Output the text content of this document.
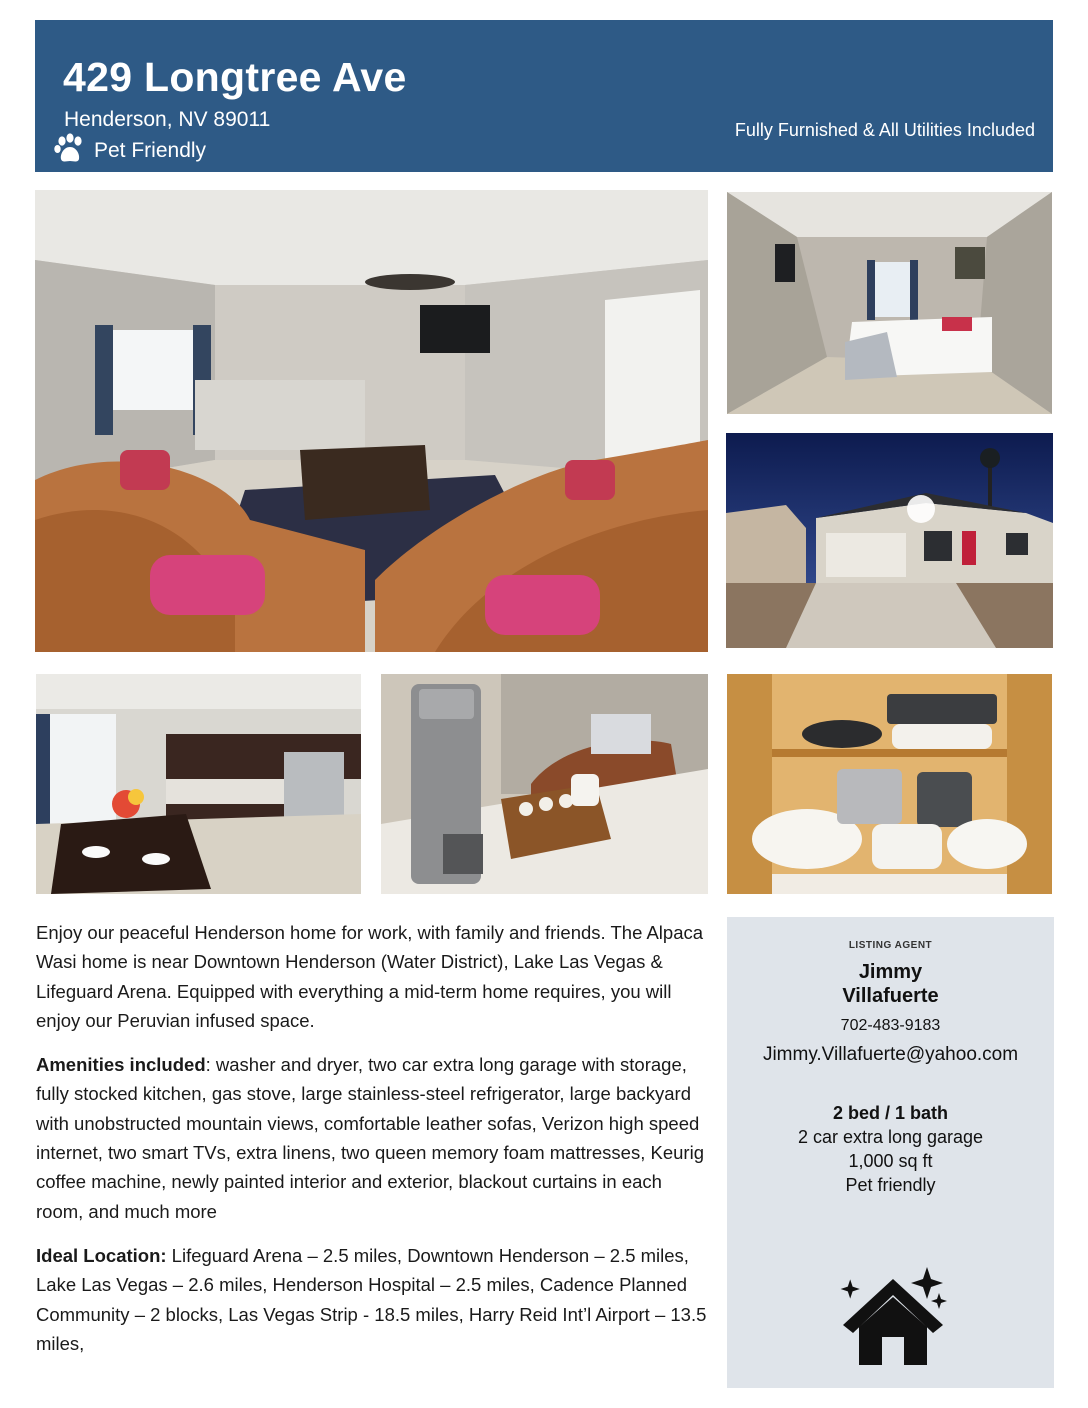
429 Longtree Ave
Henderson, NV 89011
Pet Friendly
Fully Furnished & All Utilities Included

Enjoy our peaceful Henderson home for work, with family and friends. The Alpaca Wasi home is near Downtown Henderson (Water District), Lake Las Vegas & Lifeguard Arena. Equipped with everything a mid-term home requires, you will enjoy our Peruvian infused space.

Amenities included: washer and dryer, two car extra long garage with storage, fully stocked kitchen, gas stove, large stainless-steel refrigerator, large backyard with unobstructed mountain views, comfortable leather sofas, Verizon high speed internet, two smart TVs, extra linens, two queen memory foam mattresses, Keurig coffee machine, newly painted interior and exterior, blackout curtains in each room, and much more

Ideal Location: Lifeguard Arena – 2.5 miles, Downtown Henderson – 2.5 miles, Lake Las Vegas – 2.6 miles, Henderson Hospital – 2.5 miles, Cadence Planned Community – 2 blocks, Las Vegas Strip - 18.5 miles, Harry Reid Int’l Airport – 13.5 miles,

LISTING AGENT
Jimmy
Villafuerte
702-483-9183
Jimmy.Villafuerte@yahoo.com
2 bed / 1 bath
2 car extra long garage
1,000 sq ft
Pet friendly
